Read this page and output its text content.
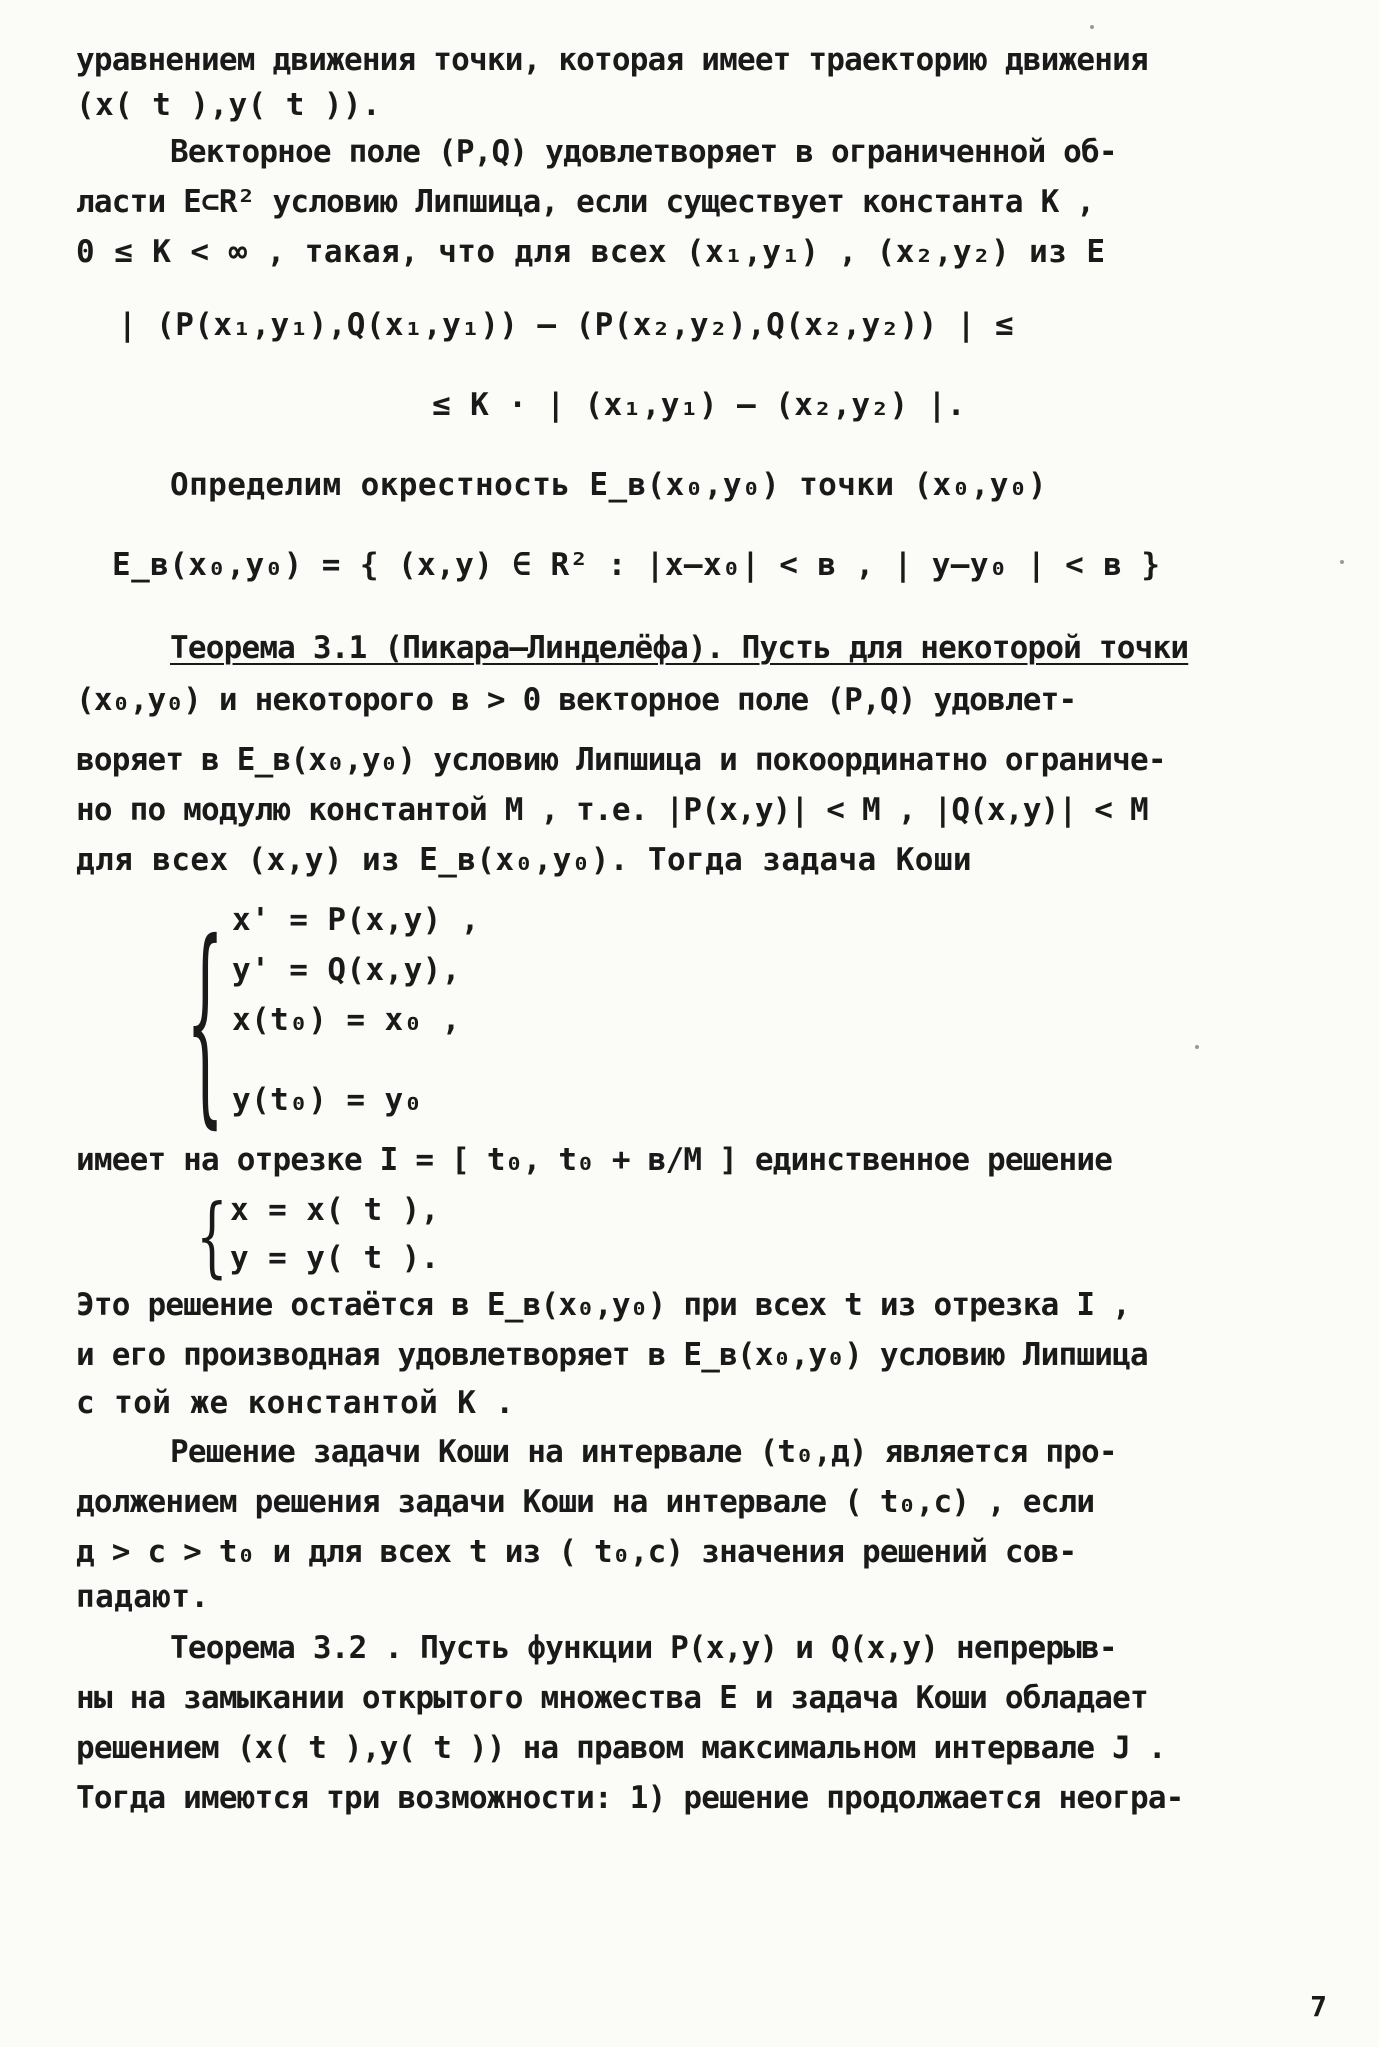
уравнением движения точки, которая имеет траекторию движения
(x( t ),y( t )).
Векторное поле (P,Q) удовлетворяет в ограниченной об-
ласти E⊂R² условию Липшица, если существует константа K ,
0 ≤ K < ∞ , такая, что для всех (x₁,y₁) , (x₂,y₂) из E
| (P(x₁,y₁),Q(x₁,y₁)) – (P(x₂,y₂),Q(x₂,y₂)) | ≤
≤ K · | (x₁,y₁) – (x₂,y₂) |.
Определим окрестность E_в(x₀,y₀) точки (x₀,y₀)
E_в(x₀,y₀) = { (x,y) ∈ R² : |x–x₀| < в , | y–y₀ | < в }
Теорема 3.1 (Пикара–Линделёфа). Пусть для некоторой точки
(x₀,y₀) и некоторого в > 0 векторное поле (P,Q) удовлет-
воряет в E_в(x₀,y₀) условию Липшица и покоординатно ограниче-
но по модулю константой M , т.е. |P(x,y)| < M , |Q(x,y)| < M
для всех (x,y) из E_в(x₀,y₀). Тогда задача Коши
{ x' = P(x,y) ,
y' = Q(x,y),
x(t₀) = x₀ ,
y(t₀) = y₀
имеет на отрезке I = [ t₀, t₀ + в/M ] единственное решение
{ x = x( t ),
y = y( t ).
Это решение остаётся в E_в(x₀,y₀) при всех t из отрезка I ,
и его производная удовлетворяет в E_в(x₀,y₀) условию Липшица
с той же константой K .
Решение задачи Коши на интервале (t₀,д) является про-
должением решения задачи Коши на интервале ( t₀,c) , если
д > c > t₀ и для всех t из ( t₀,c) значения решений сов-
падают.
Теорема 3.2 . Пусть функции P(x,y) и Q(x,y) непрерыв-
ны на замыкании открытого множества E и задача Коши обладает
решением (x( t ),y( t )) на правом максимальном интервале J .
Тогда имеются три возможности: 1) решение продолжается неогра-
7
